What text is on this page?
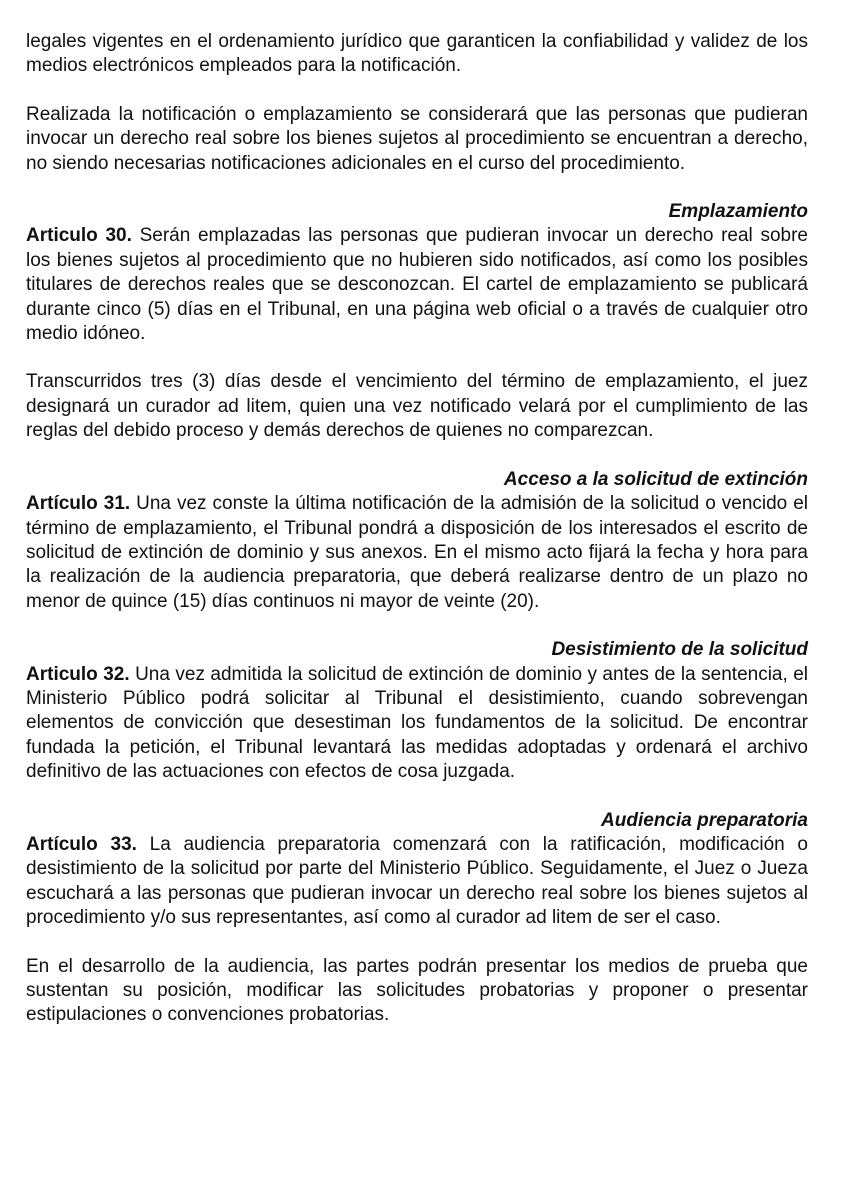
legales vigentes en el ordenamiento jurídico que garanticen la confiabilidad y validez de los medios electrónicos empleados para la notificación.

Realizada la notificación o emplazamiento se considerará que las personas que pudieran invocar un derecho real sobre los bienes sujetos al procedimiento se encuentran a derecho, no siendo necesarias notificaciones adicionales en el curso del procedimiento.

Emplazamiento

Articulo 30. Serán emplazadas las personas que pudieran invocar un derecho real sobre los bienes sujetos al procedimiento que no hubieren sido notificados, así como los posibles titulares de derechos reales que se desconozcan. El cartel de emplazamiento se publicará durante cinco (5) días en el Tribunal, en una página web oficial o a través de cualquier otro medio idóneo.

Transcurridos tres (3) días desde el vencimiento del término de emplazamiento, el juez designará un curador ad litem, quien una vez notificado velará por el cumplimiento de las reglas del debido proceso y demás derechos de quienes no comparezcan.

Acceso a la solicitud de extinción

Artículo 31. Una vez conste la última notificación de la admisión de la solicitud o vencido el término de emplazamiento, el Tribunal pondrá a disposición de los interesados el escrito de solicitud de extinción de dominio y sus anexos. En el mismo acto fijará la fecha y hora para la realización de la audiencia preparatoria, que deberá realizarse dentro de un plazo no menor de quince (15) días continuos ni mayor de veinte (20).

Desistimiento de la solicitud

Articulo 32. Una vez admitida la solicitud de extinción de dominio y antes de la sentencia, el Ministerio Público podrá solicitar al Tribunal el desistimiento, cuando sobrevengan elementos de convicción que desestiman los fundamentos de la solicitud. De encontrar fundada la petición, el Tribunal levantará las medidas adoptadas y ordenará el archivo definitivo de las actuaciones con efectos de cosa juzgada.

Audiencia preparatoria

Artículo 33. La audiencia preparatoria comenzará con la ratificación, modificación o desistimiento de la solicitud por parte del Ministerio Público. Seguidamente, el Juez o Jueza escuchará a las personas que pudieran invocar un derecho real sobre los bienes sujetos al procedimiento y/o sus representantes, así como al curador ad litem de ser el caso.

En el desarrollo de la audiencia, las partes podrán presentar los medios de prueba que sustentan su posición, modificar las solicitudes probatorias y proponer o presentar estipulaciones o convenciones probatorias.
